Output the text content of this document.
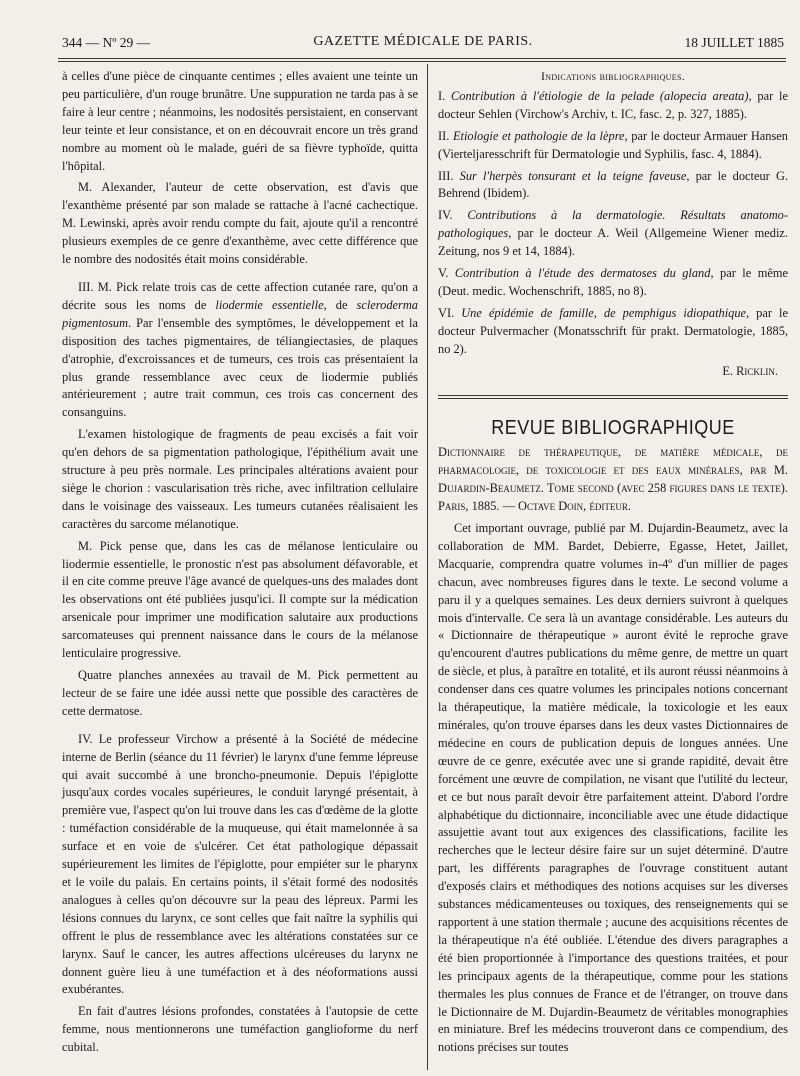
344 — Nº 29 —	GAZETTE MÉDICALE DE PARIS.	18 JUILLET 1885

à celles d'une pièce de cinquante centimes ; elles avaient une teinte un peu particulière, d'un rouge brunâtre. Une suppuration ne tarda pas à se faire à leur centre ; néanmoins, les nodosités persistaient, en conservant leur teinte et leur consistance, et on en découvrait encore un très grand nombre au moment où le malade, guéri de sa fièvre typhoïde, quitta l'hôpital.

M. Alexander, l'auteur de cette observation, est d'avis que l'exanthème présenté par son malade se rattache à l'acné cachectique. M. Lewinski, après avoir rendu compte du fait, ajoute qu'il a rencontré plusieurs exemples de ce genre d'exanthème, avec cette différence que le nombre des nodosités était moins considérable.

III. M. Pick relate trois cas de cette affection cutanée rare, qu'on a décrite sous les noms de liodermie essentielle, de scleroderma pigmentosum. Par l'ensemble des symptômes, le développement et la disposition des taches pigmentaires, de téliangiectasies, de plaques d'atrophie, d'excroissances et de tumeurs, ces trois cas présentaient la plus grande ressemblance avec ceux de liodermie publiés antérieurement ; autre trait commun, ces trois cas concernent des consanguins.

L'examen histologique de fragments de peau excisés a fait voir qu'en dehors de sa pigmentation pathologique, l'épithélium avait une structure à peu près normale. Les principales altérations avaient pour siège le chorion : vascularisation très riche, avec infiltration cellulaire dans le voisinage des vaisseaux. Les tumeurs cutanées réalisaient les caractères du sarcome mélanotique.

M. Pick pense que, dans les cas de mélanose lenticulaire ou liodermie essentielle, le pronostic n'est pas absolument défavorable, et il en cite comme preuve l'âge avancé de quelques-uns des malades dont les observations ont été publiées jusqu'ici. Il compte sur la médication arsenicale pour imprimer une modification salutaire aux productions sarcomateuses qui prennent naissance dans le cours de la mélanose lenticulaire progressive.

Quatre planches annexées au travail de M. Pick permettent au lecteur de se faire une idée aussi nette que possible des caractères de cette dermatose.

IV. Le professeur Virchow a présenté à la Société de médecine interne de Berlin (séance du 11 février) le larynx d'une femme lépreuse qui avait succombé à une broncho-pneumonie. Depuis l'épiglotte jusqu'aux cordes vocales supérieures, le conduit laryngé présentait, à première vue, l'aspect qu'on lui trouve dans les cas d'œdème de la glotte : tuméfaction considérable de la muqueuse, qui était mamelonnée à sa surface et en voie de s'ulcérer. Cet état pathologique dépassait supérieurement les limites de l'épiglotte, pour empiéter sur le pharynx et le voile du palais. En certains points, il s'était formé des nodosités analogues à celles qu'on découvre sur la peau des lépreux. Parmi les lésions connues du larynx, ce sont celles que fait naître la syphilis qui offrent le plus de ressemblance avec les altérations constatées sur ce larynx. Sauf le cancer, les autres affections ulcéreuses du larynx ne donnent guère lieu à une tuméfaction et à des néoformations aussi exubérantes.

En fait d'autres lésions profondes, constatées à l'autopsie de cette femme, nous mentionnerons une tuméfaction ganglioforme du nerf cubital.

Indications bibliographiques.

I. Contribution à l'étiologie de la pelade (alopecia areata), par le docteur Sehlen (Virchow's Archiv, t. IC, fasc. 2, p. 327, 1885).

II. Etiologie et pathologie de la lèpre, par le docteur Armauer Hansen (Vierteljaresschrift für Dermatologie und Syphilis, fasc. 4, 1884).

III. Sur l'herpès tonsurant et la teigne faveuse, par le docteur G. Behrend (Ibidem).

IV. Contributions à la dermatologie. Résultats anatomo-pathologiques, par le docteur A. Weil (Allgemeine Wiener mediz. Zeitung, nos 9 et 14, 1884).

V. Contribution à l'étude des dermatoses du gland, par le même (Deut. medic. Wochenschrift, 1885, no 8).

VI. Une épidémie de famille, de pemphigus idiopathique, par le docteur Pulvermacher (Monatsschrift für prakt. Dermatologie, 1885, no 2).

E. Ricklin.
REVUE BIBLIOGRAPHIQUE

Dictionnaire de thérapeutique, de matière médicale, de pharmacologie, de toxicologie et des eaux minérales, par M. Dujardin-Beaumetz. Tome second (avec 258 figures dans le texte). Paris, 1885. — Octave Doin, éditeur.

Cet important ouvrage, publié par M. Dujardin-Beaumetz, avec la collaboration de MM. Bardet, Debierre, Egasse, Hetet, Jaillet, Macquarie, comprendra quatre volumes in-4º d'un millier de pages chacun, avec nombreuses figures dans le texte. Le second volume a paru il y a quelques semaines. Les deux derniers suivront à quelques mois d'intervalle. Ce sera là un avantage considérable. Les auteurs du « Dictionnaire de thérapeutique » auront évité le reproche grave qu'encourent d'autres publications du même genre, de mettre un quart de siècle, et plus, à paraître en totalité, et ils auront réussi néanmoins à condenser dans ces quatre volumes les principales notions concernant la thérapeutique, la matière médicale, la toxicologie et les eaux minérales, qu'on trouve éparses dans les deux vastes Dictionnaires de médecine en cours de publication depuis de longues années. Une œuvre de ce genre, exécutée avec une si grande rapidité, devait être forcément une œuvre de compilation, ne visant que l'utilité du lecteur, et ce but nous paraît devoir être parfaitement atteint. D'abord l'ordre alphabétique du dictionnaire, inconciliable avec une étude didactique assujettie avant tout aux exigences des classifications, facilite les recherches que le lecteur désire faire sur un sujet déterminé. D'autre part, les différents paragraphes de l'ouvrage constituent autant d'exposés clairs et méthodiques des notions acquises sur les diverses substances médicamenteuses ou toxiques, des renseignements qui se rapportent à une station thermale ; aucune des acquisitions récentes de la thérapeutique n'a été oubliée. L'étendue des divers paragraphes a été bien proportionnée à l'importance des questions traitées, et pour les principaux agents de la thérapeutique, comme pour les stations thermales les plus connues de France et de l'étranger, on trouve dans le Dictionnaire de M. Dujardin-Beaumetz de véritables monographies en miniature. Bref les médecins trouveront dans ce compendium, des notions précises sur toutes
